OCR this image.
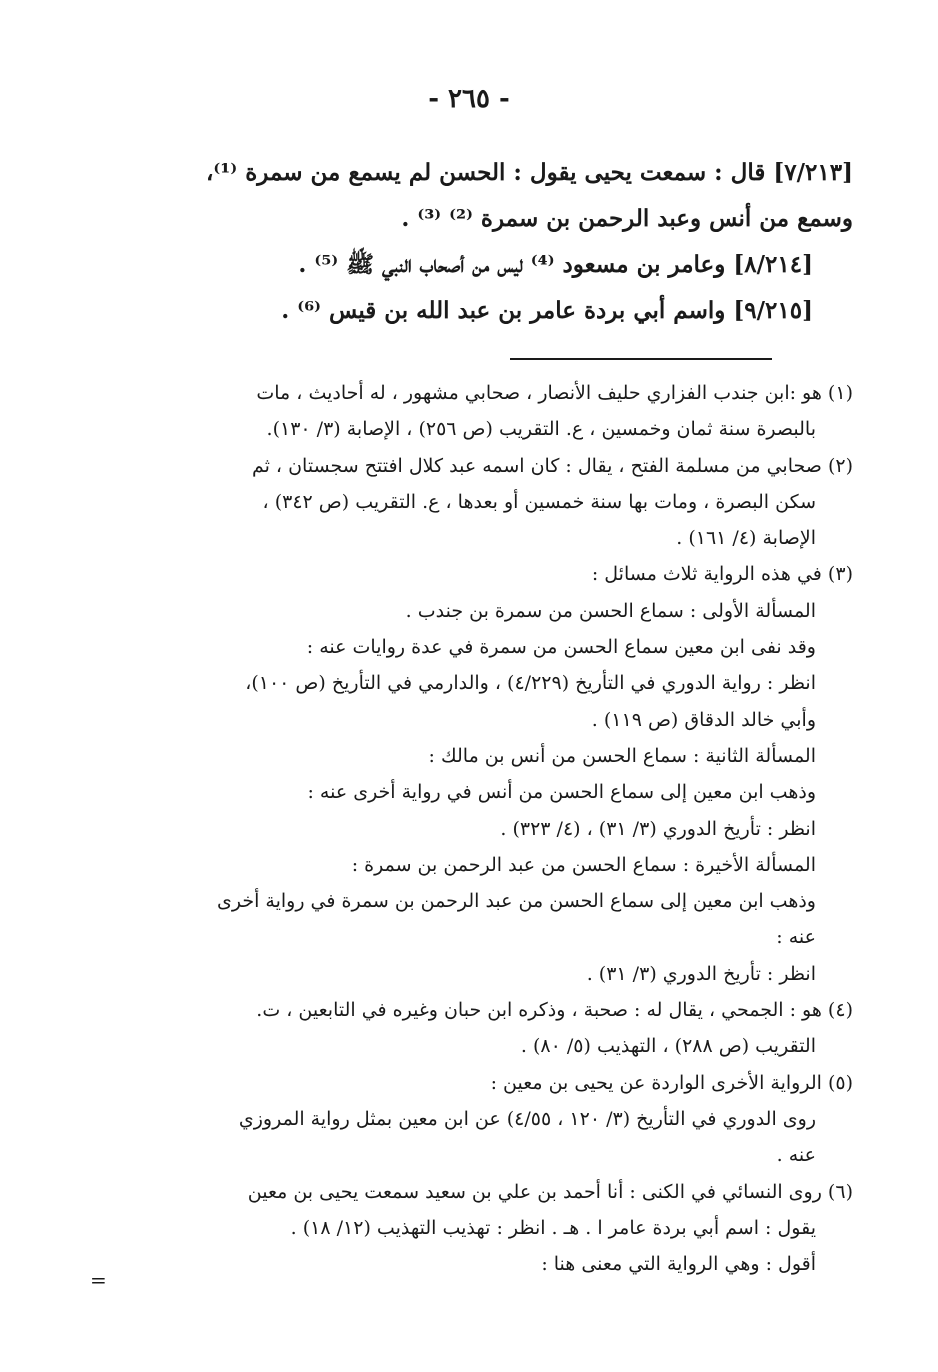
- ٢٦٥ -
[٧/٢١٣] قال : سمعت يحيى يقول : الحسن لم يسمع من سمرة ⁽¹⁾،
وسمع من أنس وعبد الرحمن بن سمرة ⁽²⁾ ⁽³⁾ .
[٨/٢١٤] وعامر بن مسعود ⁽⁴⁾ ليس من أصحاب النبي ﷺ ⁽⁵⁾ .
[٩/٢١٥] واسم أبي بردة عامر بن عبد الله بن قيس ⁽⁶⁾ .
(١) هو :ابن جندب الفزاري حليف الأنصار ، صحابي مشهور ، له أحاديث ، مات
بالبصرة سنة ثمان وخمسين ، ع. التقريب (ص ٢٥٦) ، الإصابة (٣/ ١٣٠).
(٢) صحابي من مسلمة الفتح ، يقال : كان اسمه عبد كلال افتتح سجستان ، ثم
سكن البصرة ، ومات بها سنة خمسين أو بعدها ، ع. التقريب (ص ٣٤٢) ،
الإصابة (٤/ ١٦١) .
(٣) في هذه الرواية ثلاث مسائل :
المسألة الأولى : سماع الحسن من سمرة بن جندب .
وقد نفى ابن معين سماع الحسن من سمرة في عدة روايات عنه :
انظر : رواية الدوري في التأريخ (٤/٢٢٩) ، والدارمي في التأريخ (ص ١٠٠)،
وأبي خالد الدقاق (ص ١١٩) .
المسألة الثانية : سماع الحسن من أنس بن مالك :
وذهب ابن معين إلى سماع الحسن من أنس في رواية أخرى عنه :
انظر : تأريخ الدوري (٣/ ٣١) ، (٤/ ٣٢٣) .
المسألة الأخيرة : سماع الحسن من عبد الرحمن بن سمرة :
وذهب ابن معين إلى سماع الحسن من عبد الرحمن بن سمرة في رواية أخرى
عنه :
انظر : تأريخ الدوري (٣/ ٣١) .
(٤) هو : الجمحي ، يقال له : صحبة ، وذكره ابن حبان وغيره في التابعين ، ت.
التقريب (ص ٢٨٨) ، التهذيب (٥/ ٨٠) .
(٥) الرواية الأخرى الواردة عن يحيى بن معين :
روى الدوري في التأريخ (٣/ ١٢٠ ، ٤/٥٥) عن ابن معين بمثل رواية المروزي
عنه .
(٦) روى النسائي في الكنى : أنا أحمد بن علي بن سعيد سمعت يحيى بن معين
يقول : اسم أبي بردة عامر ا . هـ . انظر : تهذيب التهذيب (١٢/ ١٨) .
أقول : وهي الرواية التي معنى هنا :
=
